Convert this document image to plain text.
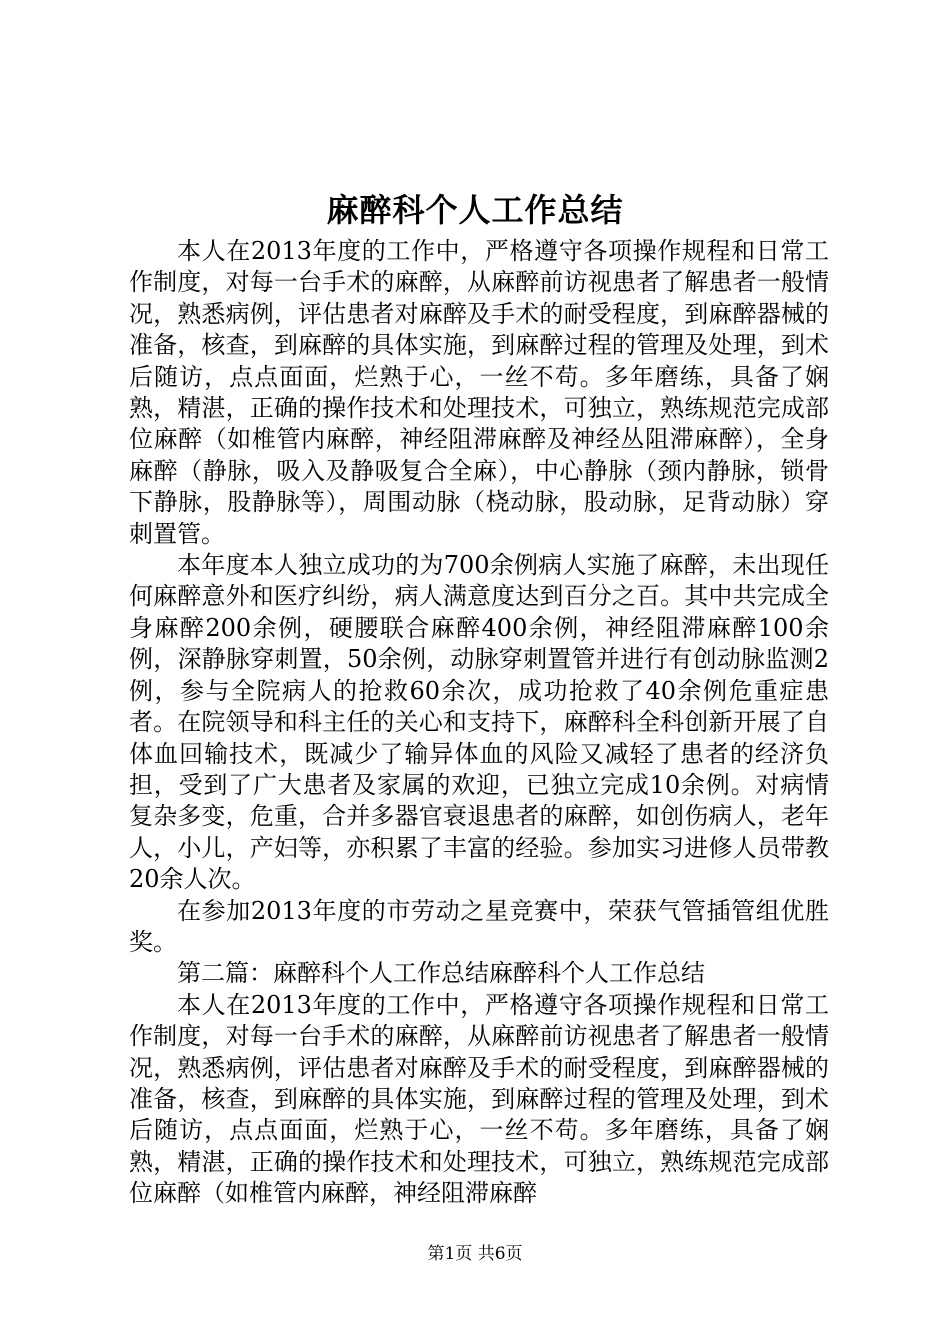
麻醉科个人工作总结

本人在2013年度的工作中，严格遵守各项操作规程和日常工作制度，对每一台手术的麻醉，从麻醉前访视患者了解患者一般情况，熟悉病例，评估患者对麻醉及手术的耐受程度，到麻醉器械的准备，核查，到麻醉的具体实施，到麻醉过程的管理及处理，到术后随访，点点面面，烂熟于心，一丝不苟。多年磨练，具备了娴熟，精湛，正确的操作技术和处理技术，可独立，熟练规范完成部位麻醉（如椎管内麻醉，神经阻滞麻醉及神经丛阻滞麻醉），全身麻醉（静脉，吸入及静吸复合全麻），中心静脉（颈内静脉，锁骨下静脉，股静脉等），周围动脉（桡动脉，股动脉，足背动脉）穿刺置管。

本年度本人独立成功的为700余例病人实施了麻醉，未出现任何麻醉意外和医疗纠纷，病人满意度达到百分之百。其中共完成全身麻醉200余例，硬腰联合麻醉400余例，神经阻滞麻醉100余例，深静脉穿刺置，50余例，动脉穿刺置管并进行有创动脉监测2例，参与全院病人的抢救60余次，成功抢救了40余例危重症患者。在院领导和科主任的关心和支持下，麻醉科全科创新开展了自体血回输技术，既减少了输异体血的风险又减轻了患者的经济负担，受到了广大患者及家属的欢迎，已独立完成10余例。对病情复杂多变，危重，合并多器官衰退患者的麻醉，如创伤病人，老年人，小儿，产妇等，亦积累了丰富的经验。参加实习进修人员带教20余人次。

在参加2013年度的市劳动之星竞赛中，荣获气管插管组优胜奖。

第二篇：麻醉科个人工作总结麻醉科个人工作总结

本人在2013年度的工作中，严格遵守各项操作规程和日常工作制度，对每一台手术的麻醉，从麻醉前访视患者了解患者一般情况，熟悉病例，评估患者对麻醉及手术的耐受程度，到麻醉器械的准备，核查，到麻醉的具体实施，到麻醉过程的管理及处理，到术后随访，点点面面，烂熟于心，一丝不苟。多年磨练，具备了娴熟，精湛，正确的操作技术和处理技术，可独立，熟练规范完成部位麻醉（如椎管内麻醉，神经阻滞麻醉

第1页 共6页
